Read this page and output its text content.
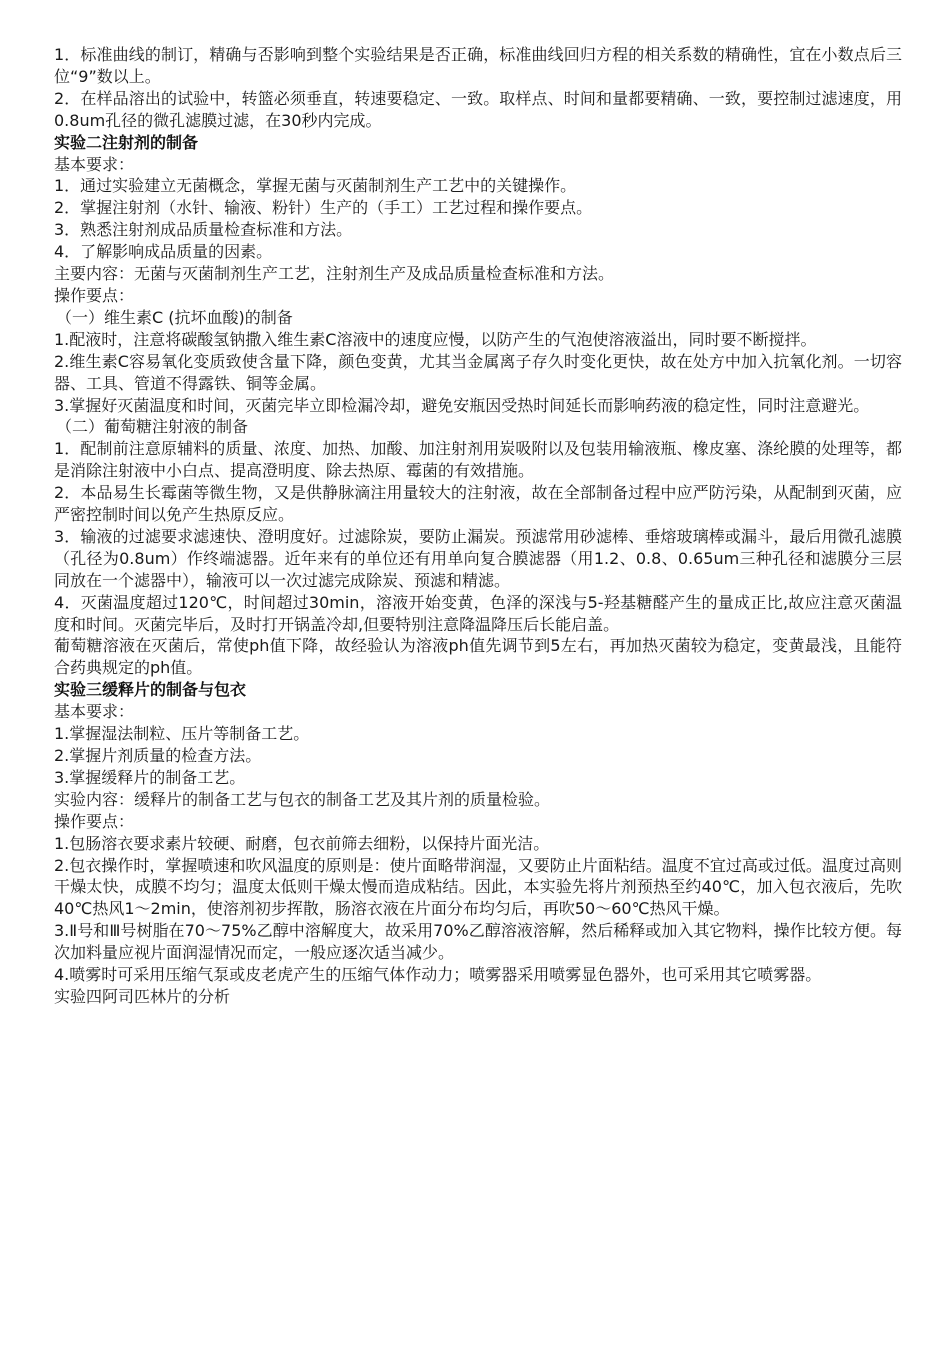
1．标准曲线的制订，精确与否影响到整个实验结果是否正确，标准曲线回归方程的相关系数的精确性，宜在小数点后三位“9”数以上。

2．在样品溶出的试验中，转篮必须垂直，转速要稳定、一致。取样点、时间和量都要精确、一致，要控制过滤速度，用0.8um孔径的微孔滤膜过滤，在30秒内完成。

实验二注射剂的制备

基本要求：

1．通过实验建立无菌概念，掌握无菌与灭菌制剂生产工艺中的关键操作。

2．掌握注射剂（水针、输液、粉针）生产的（手工）工艺过程和操作要点。

3．熟悉注射剂成品质量检查标准和方法。

4．了解影响成品质量的因素。

主要内容：无菌与灭菌制剂生产工艺，注射剂生产及成品质量检查标准和方法。

操作要点：

（一）维生素C (抗坏血酸)的制备

1.配液时，注意将碳酸氢钠撒入维生素C溶液中的速度应慢，以防产生的气泡使溶液溢出，同时要不断搅拌。

2.维生素C容易氧化变质致使含量下降，颜色变黄，尤其当金属离子存久时变化更快，故在处方中加入抗氧化剂。一切容器、工具、管道不得露铁、铜等金属。

3.掌握好灭菌温度和时间，灭菌完毕立即检漏冷却，避免安瓶因受热时间延长而影响药液的稳定性，同时注意避光。

（二）葡萄糖注射液的制备

1．配制前注意原辅料的质量、浓度、加热、加酸、加注射剂用炭吸附以及包装用输液瓶、橡皮塞、涤纶膜的处理等，都是消除注射液中小白点、提高澄明度、除去热原、霉菌的有效措施。

2．本品易生长霉菌等微生物，又是供静脉滴注用量较大的注射液，故在全部制备过程中应严防污染，从配制到灭菌，应严密控制时间以免产生热原反应。

3．输液的过滤要求滤速快、澄明度好。过滤除炭，要防止漏炭。预滤常用砂滤棒、垂熔玻璃棒或漏斗，最后用微孔滤膜（孔径为0.8um）作终端滤器。近年来有的单位还有用单向复合膜滤器（用1.2、0.8、0.65um三种孔径和滤膜分三层同放在一个滤器中），输液可以一次过滤完成除炭、预滤和精滤。

4．灭菌温度超过120℃，时间超过30min，溶液开始变黄，色泽的深浅与5-羟基糖醛产生的量成正比,故应注意灭菌温度和时间。灭菌完毕后，及时打开锅盖冷却,但要特别注意降温降压后长能启盖。

葡萄糖溶液在灭菌后，常使ph值下降，故经验认为溶液ph值先调节到5左右，再加热灭菌较为稳定，变黄最浅，且能符合药典规定的ph值。

实验三缓释片的制备与包衣

基本要求：

1.掌握湿法制粒、压片等制备工艺。

2.掌握片剂质量的检查方法。

3.掌握缓释片的制备工艺。

实验内容：缓释片的制备工艺与包衣的制备工艺及其片剂的质量检验。

操作要点：

1.包肠溶衣要求素片较硬、耐磨，包衣前筛去细粉，以保持片面光洁。

2.包衣操作时，掌握喷速和吹风温度的原则是：使片面略带润湿，又要防止片面粘结。温度不宜过高或过低。温度过高则干燥太快，成膜不均匀；温度太低则干燥太慢而造成粘结。因此，本实验先将片剂预热至约40℃，加入包衣液后，先吹40℃热风1～2min，使溶剂初步挥散，肠溶衣液在片面分布均匀后，再吹50～60℃热风干燥。

3.Ⅱ号和Ⅲ号树脂在70～75%乙醇中溶解度大，故采用70%乙醇溶液溶解，然后稀释或加入其它物料，操作比较方便。每次加料量应视片面润湿情况而定，一般应逐次适当减少。

4.喷雾时可采用压缩气泵或皮老虎产生的压缩气体作动力；喷雾器采用喷雾显色器外，也可采用其它喷雾器。

实验四阿司匹林片的分析
